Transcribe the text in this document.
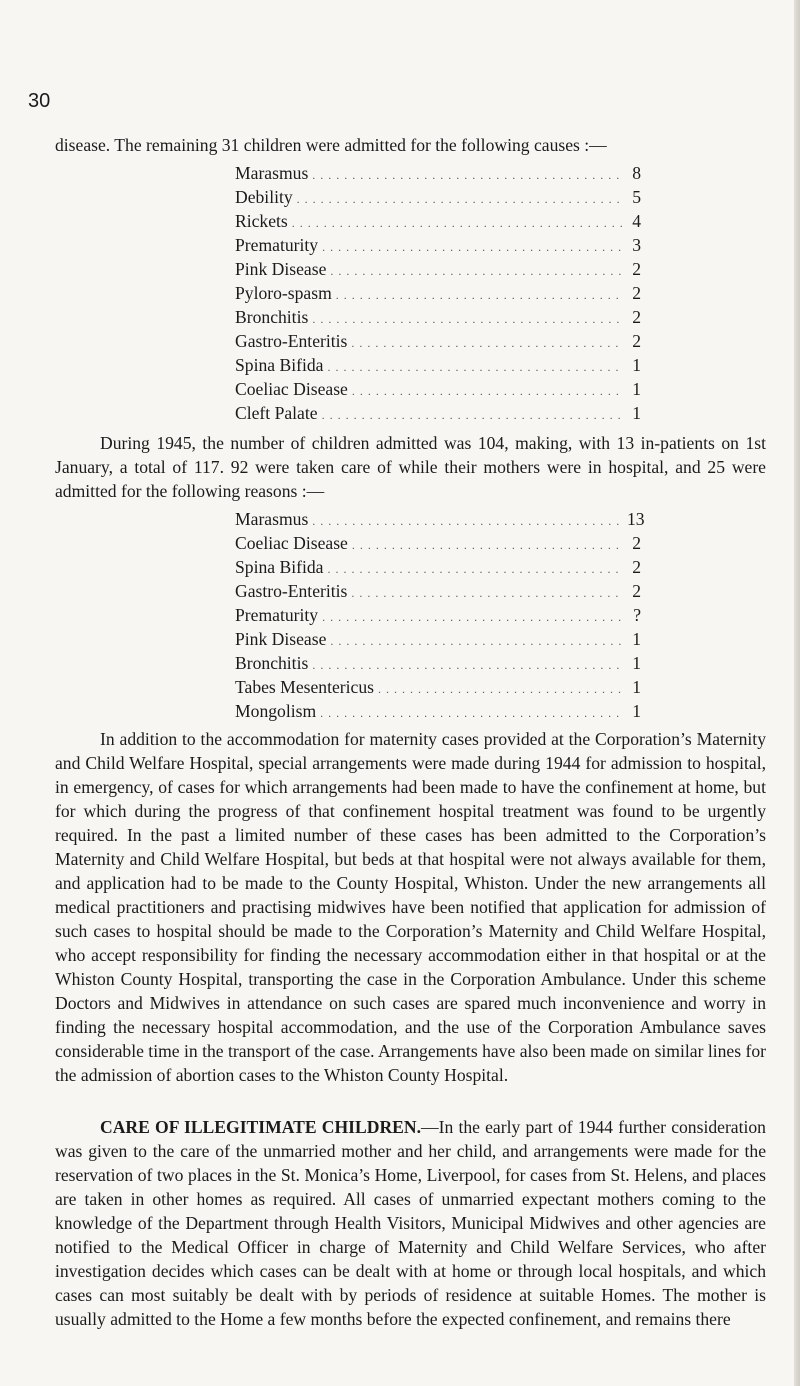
30

disease. The remaining 31 children were admitted for the following causes :—

Marasmus . . .	8
Debility . . .	5
Rickets . . .	4
Prematurity . . .	3
Pink Disease . . .	2
Pyloro-spasm . . .	2
Bronchitis . . .	2
Gastro-Enteritis . . .	2
Spina Bifida . . .	1
Coeliac Disease . . .	1
Cleft Palate . . .	1

During 1945, the number of children admitted was 104, making, with 13 in-patients on 1st January, a total of 117. 92 were taken care of while their mothers were in hospital, and 25 were admitted for the following reasons :—

Marasmus . . .	13
Coeliac Disease . . .	2
Spina Bifida . . .	2
Gastro-Enteritis . . .	2
Prematurity . . .	?
Pink Disease . . .	1
Bronchitis . . .	1
Tabes Mesentericus . . .	1
Mongolism . . .	1

In addition to the accommodation for maternity cases provided at the Corporation’s Maternity and Child Welfare Hospital, special arrangements were made during 1944 for admission to hospital, in emergency, of cases for which arrangements had been made to have the confinement at home, but for which during the progress of that confinement hospital treatment was found to be urgently required. In the past a limited number of these cases has been admitted to the Corporation’s Maternity and Child Welfare Hospital, but beds at that hospital were not always available for them, and application had to be made to the County Hospital, Whiston. Under the new arrangements all medical practitioners and practising midwives have been notified that application for admission of such cases to hospital should be made to the Corporation’s Maternity and Child Welfare Hospital, who accept responsibility for finding the necessary accommodation either in that hospital or at the Whiston County Hospital, transporting the case in the Corporation Ambulance. Under this scheme Doctors and Midwives in attendance on such cases are spared much inconvenience and worry in finding the necessary hospital accommodation, and the use of the Corporation Ambulance saves considerable time in the transport of the case. Arrangements have also been made on similar lines for the admission of abortion cases to the Whiston County Hospital.

CARE OF ILLEGITIMATE CHILDREN.—In the early part of 1944 further consideration was given to the care of the unmarried mother and her child, and arrangements were made for the reservation of two places in the St. Monica’s Home, Liverpool, for cases from St. Helens, and places are taken in other homes as required. All cases of unmarried expectant mothers coming to the knowledge of the Department through Health Visitors, Municipal Midwives and other agencies are notified to the Medical Officer in charge of Maternity and Child Welfare Services, who after investigation decides which cases can be dealt with at home or through local hospitals, and which cases can most suitably be dealt with by periods of residence at suitable Homes. The mother is usually admitted to the Home a few months before the expected confinement, and remains there
